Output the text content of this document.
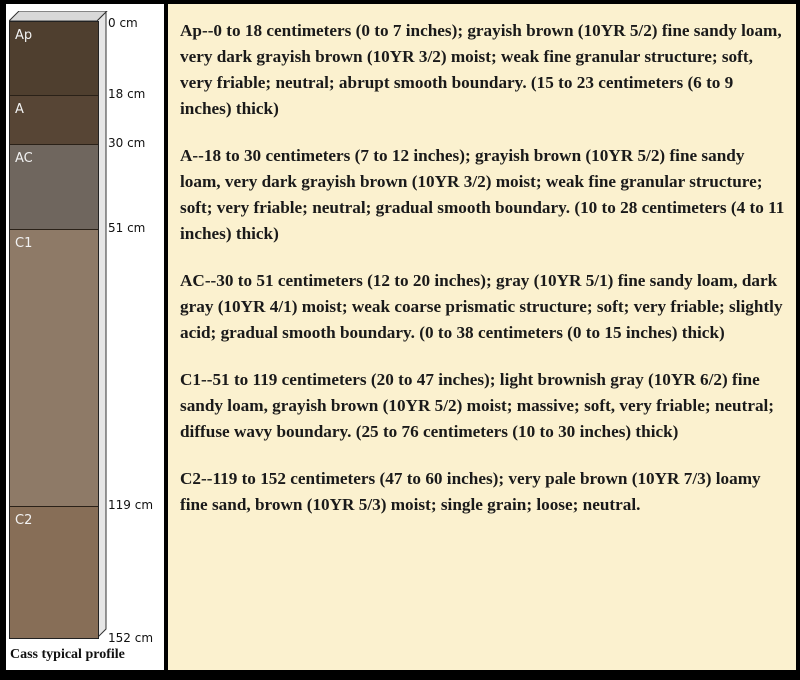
Ap
A
AC
C1
C2
0 cm
18 cm
30 cm
51 cm
119 cm
152 cm
Cass typical profile

Ap--0 to 18 centimeters (0 to 7 inches); grayish brown (10YR 5/2) fine sandy loam, very dark grayish brown (10YR 3/2) moist; weak fine granular structure; soft, very friable; neutral; abrupt smooth boundary. (15 to 23 centimeters (6 to 9 inches) thick)

A--18 to 30 centimeters (7 to 12 inches); grayish brown (10YR 5/2) fine sandy loam, very dark grayish brown (10YR 3/2) moist; weak fine granular structure; soft; very friable; neutral; gradual smooth boundary. (10 to 28 centimeters (4 to 11 inches) thick)

AC--30 to 51 centimeters (12 to 20 inches); gray (10YR 5/1) fine sandy loam, dark gray (10YR 4/1) moist; weak coarse prismatic structure; soft; very friable; slightly acid; gradual smooth boundary. (0 to 38 centimeters (0 to 15 inches) thick)

C1--51 to 119 centimeters (20 to 47 inches); light brownish gray (10YR 6/2) fine sandy loam, grayish brown (10YR 5/2) moist; massive; soft, very friable; neutral; diffuse wavy boundary. (25 to 76 centimeters (10 to 30 inches) thick)

C2--119 to 152 centimeters (47 to 60 inches); very pale brown (10YR 7/3) loamy fine sand, brown (10YR 5/3) moist; single grain; loose; neutral.
